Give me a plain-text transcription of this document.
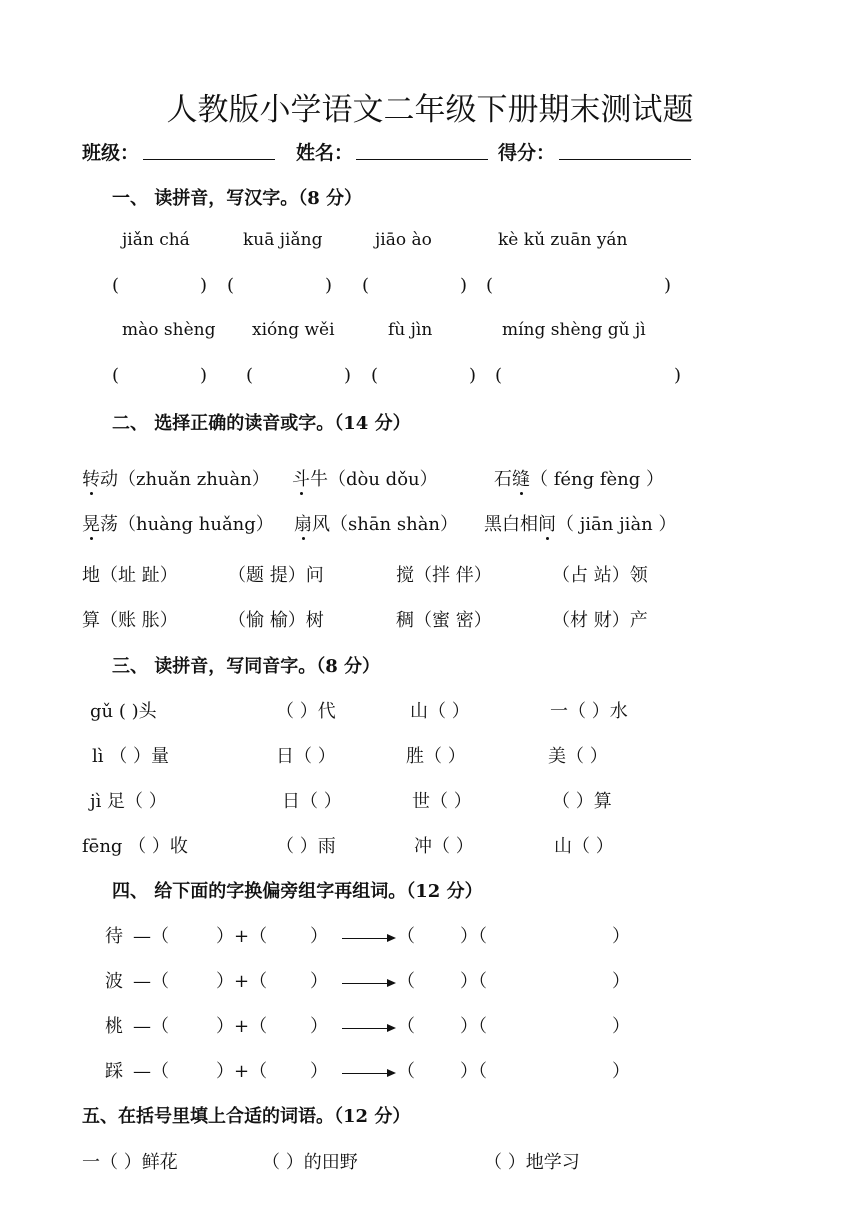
人教版小学语文二年级下册期末测试题
班级：	姓名：	得分：
一、 读拼音，写汉字。（8 分）
jiǎn chá	kuā jiǎng	jiāo ào	kè kǔ zuān yán
(	) (	) (	) (	)
mào shèng xióng wěi	fù jìn	míng shèng gǔ jì
(	) (	) (	) (	)
二、 选择正确的读音或字。（14 分）
转动（zhuǎn zhuàn） 斗牛（dòu dǒu）	石缝（ féng fèng ）
晃荡（huàng huǎng） 扇风（shān shàn） 黑白相间（ jiān jiàn ）
地（址 趾）	（题 提）问	搅（拌 伴）	（占 站）领
算（账 胀）	（愉 榆）树	稠（蜜 密）	（材 财）产
三、 读拼音，写同音字。（8 分）
gǔ ( )头	（ ）代	山（ ）	一（ ）水
lì （ ）量	日（ ）	胜（ ）	美（ ）
jì 足（ ）	日（ ）	世（ ）	（ ）算
fēng （ ）收	（ ）雨	冲（ ）	山（ ）
四、 给下面的字换偏旁组字再组词。（12 分）
待 —（	）+（ ）	（	）（	）
波 —（	）+（ ）	（	）（	）
桃 —（	）+（ ）	（	）（	）
踩 —（	）+（ ）	（	）（	）
五、在括号里填上合适的词语。（12 分）
一（ ）鲜花	（ ）的田野	（ ）地学习
